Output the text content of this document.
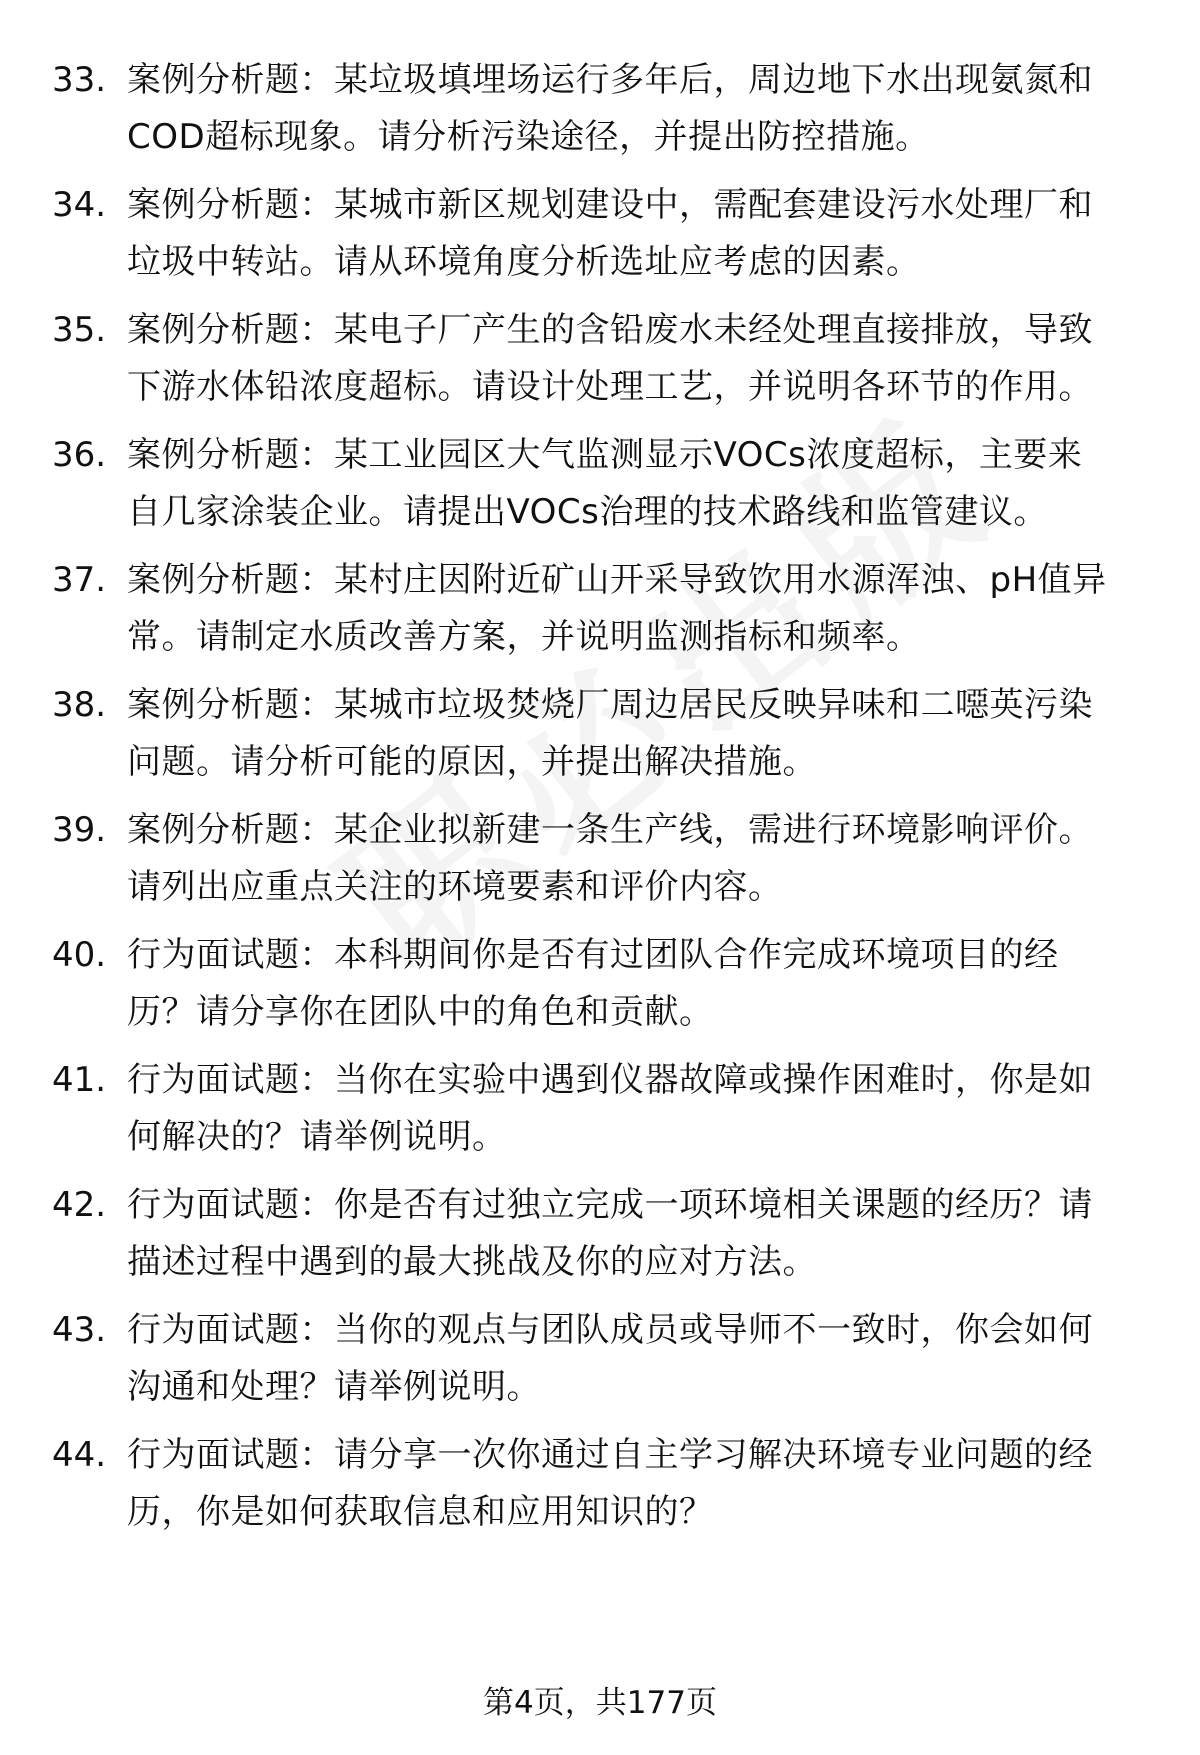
33. 案例分析题：某垃圾填埋场运行多年后，周边地下水出现氨氮和
COD超标现象。请分析污染途径，并提出防控措施。
34. 案例分析题：某城市新区规划建设中，需配套建设污水处理厂和
垃圾中转站。请从环境角度分析选址应考虑的因素。
35. 案例分析题：某电子厂产生的含铅废水未经处理直接排放，导致
下游水体铅浓度超标。请设计处理工艺，并说明各环节的作用。
36. 案例分析题：某工业园区大气监测显示VOCs浓度超标，主要来
自几家涂装企业。请提出VOCs治理的技术路线和监管建议。
37. 案例分析题：某村庄因附近矿山开采导致饮用水源浑浊、pH值异
常。请制定水质改善方案，并说明监测指标和频率。
38. 案例分析题：某城市垃圾焚烧厂周边居民反映异味和二噁英污染
问题。请分析可能的原因，并提出解决措施。
39. 案例分析题：某企业拟新建一条生产线，需进行环境影响评价。
请列出应重点关注的环境要素和评价内容。
40. 行为面试题：本科期间你是否有过团队合作完成环境项目的经
历？请分享你在团队中的角色和贡献。
41. 行为面试题：当你在实验中遇到仪器故障或操作困难时，你是如
何解决的？请举例说明。
42. 行为面试题：你是否有过独立完成一项环境相关课题的经历？请
描述过程中遇到的最大挑战及你的应对方法。
43. 行为面试题：当你的观点与团队成员或导师不一致时，你会如何
沟通和处理？请举例说明。
44. 行为面试题：请分享一次你通过自主学习解决环境专业问题的经
历，你是如何获取信息和应用知识的？
第4页，共177页
